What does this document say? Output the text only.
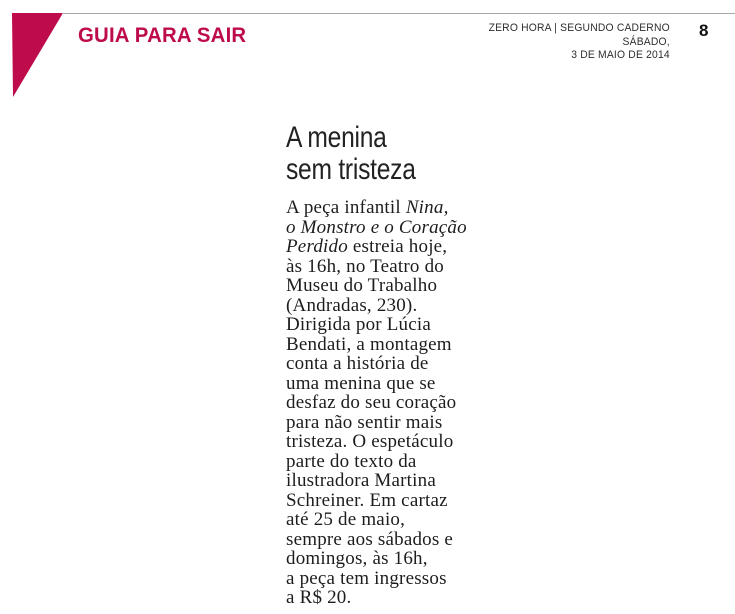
GUIA PARA SAIR	ZERO HORA | SEGUNDO CADERNO
SÁBADO,
3 DE MAIO DE 2014
8
A menina
sem tristeza
A peça infantil Nina,
o Monstro e o Coração
Perdido estreia hoje,
às 16h, no Teatro do
Museu do Trabalho
(Andradas, 230).
Dirigida por Lúcia
Bendati, a montagem
conta a história de
uma menina que se
desfaz do seu coração
para não sentir mais
tristeza. O espetáculo
parte do texto da
ilustradora Martina
Schreiner. Em cartaz
até 25 de maio,
sempre aos sábados e
domingos, às 16h,
a peça tem ingressos
a R$ 20.
